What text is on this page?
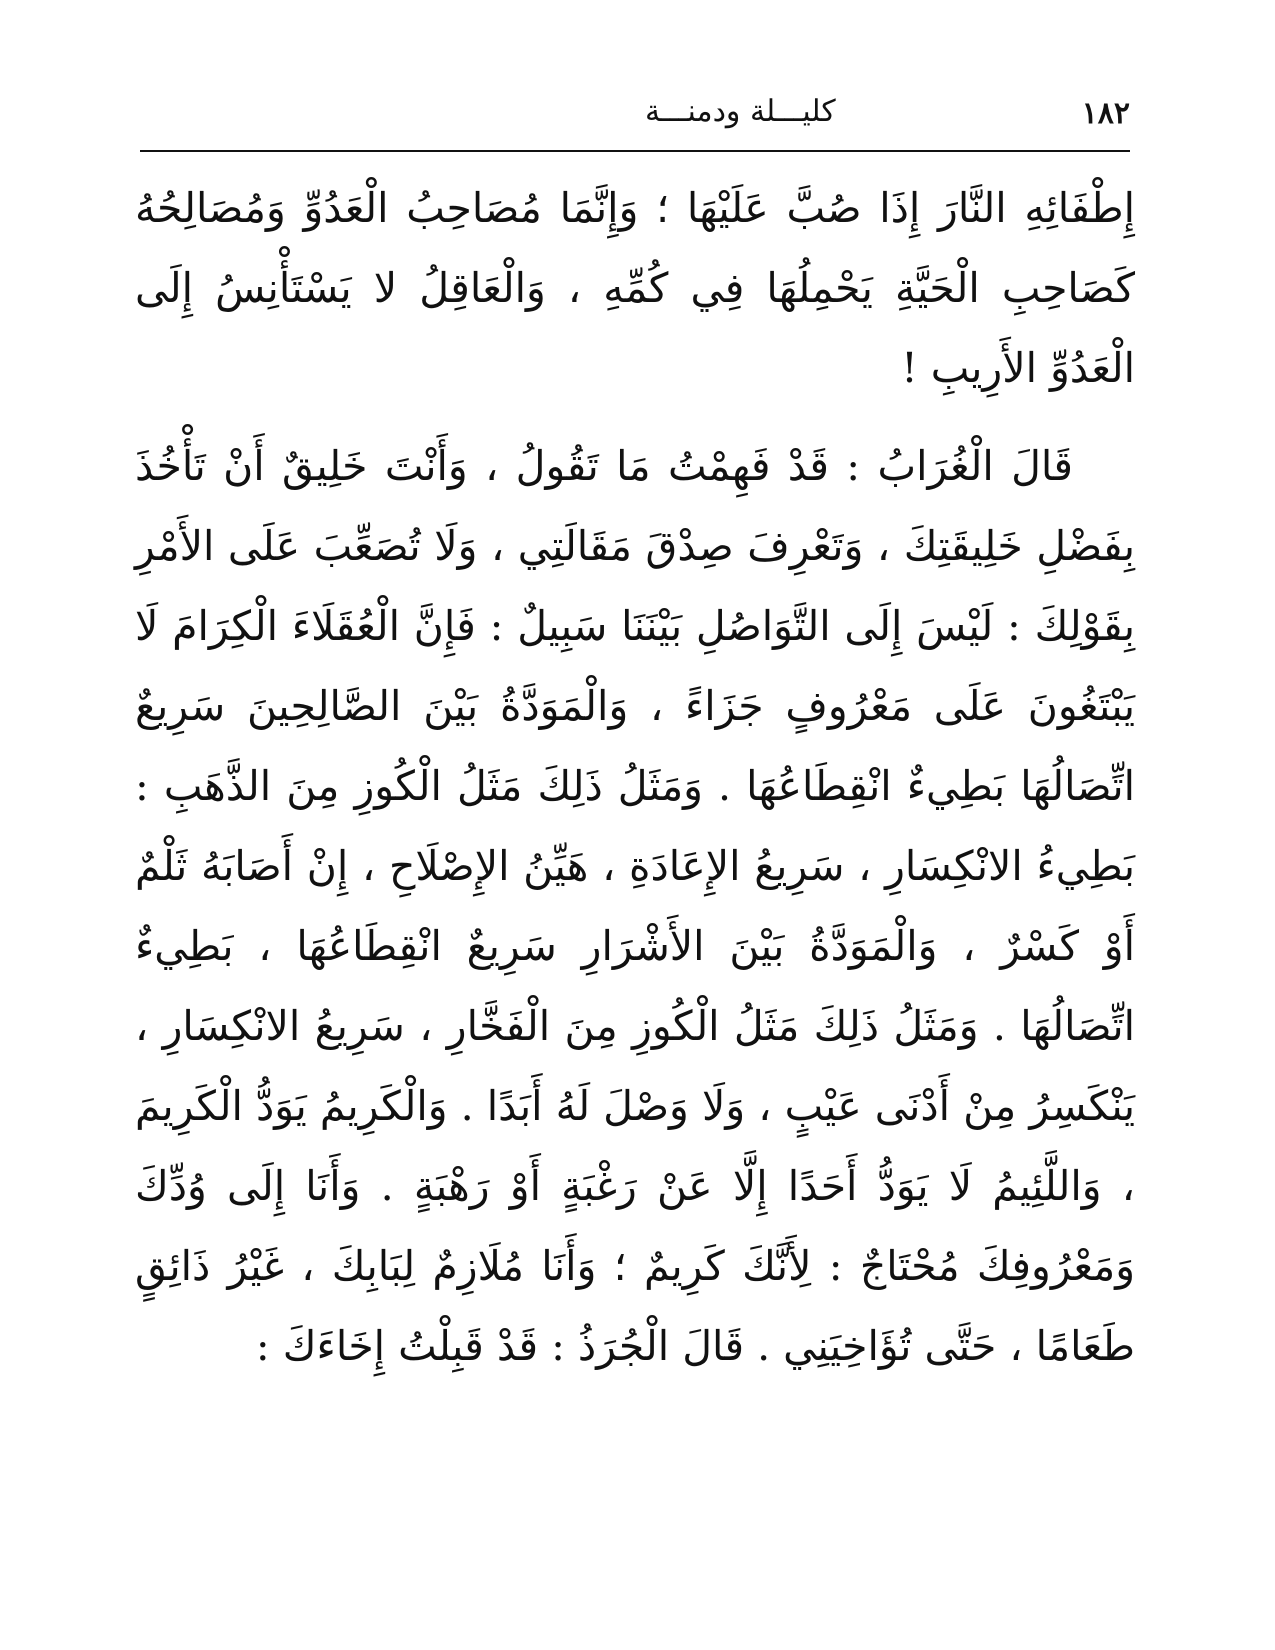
١٨٢
كليـــلة ودمنـــة

إِطْفَائِهِ النَّارَ إِذَا صُبَّ عَلَيْهَا ؛ وَإِنَّمَا مُصَاحِبُ الْعَدُوِّ وَمُصَالِحُهُ كَصَاحِبِ الْحَيَّةِ يَحْمِلُهَا فِي كُمِّهِ ، وَالْعَاقِلُ لا يَسْتَأْنِسُ إِلَى الْعَدُوِّ الأَرِيبِ !

قَالَ الْغُرَابُ : قَدْ فَهِمْتُ مَا تَقُولُ ، وَأَنْتَ خَلِيقٌ أَنْ تَأْخُذَ بِفَضْلِ خَلِيقَتِكَ ، وَتَعْرِفَ صِدْقَ مَقَالَتِي ، وَلَا تُصَعِّبَ عَلَى الأَمْرِ بِقَوْلِكَ : لَيْسَ إِلَى التَّوَاصُلِ بَيْنَنَا سَبِيلٌ : فَإِنَّ الْعُقَلَاءَ الْكِرَامَ لَا يَبْتَغُونَ عَلَى مَعْرُوفٍ جَزَاءً ، وَالْمَوَدَّةُ بَيْنَ الصَّالِحِينَ سَرِيعٌ اتِّصَالُهَا بَطِيءٌ انْقِطَاعُهَا . وَمَثَلُ ذَلِكَ مَثَلُ الْكُوزِ مِنَ الذَّهَبِ : بَطِيءُ الانْكِسَارِ ، سَرِيعُ الإِعَادَةِ ، هَيِّنُ الإِصْلَاحِ ، إِنْ أَصَابَهُ ثَلْمٌ أَوْ كَسْرٌ ، وَالْمَوَدَّةُ بَيْنَ الأَشْرَارِ سَرِيعٌ انْقِطَاعُهَا ، بَطِيءٌ اتِّصَالُهَا . وَمَثَلُ ذَلِكَ مَثَلُ الْكُوزِ مِنَ الْفَخَّارِ ، سَرِيعُ الانْكِسَارِ ، يَنْكَسِرُ مِنْ أَدْنَى عَيْبٍ ، وَلَا وَصْلَ لَهُ أَبَدًا . وَالْكَرِيمُ يَوَدُّ الْكَرِيمَ ، وَاللَّئِيمُ لَا يَوَدُّ أَحَدًا إِلَّا عَنْ رَغْبَةٍ أَوْ رَهْبَةٍ . وَأَنَا إِلَى وُدِّكَ وَمَعْرُوفِكَ مُحْتَاجٌ : لِأَنَّكَ كَرِيمٌ ؛ وَأَنَا مُلَازِمٌ لِبَابِكَ ، غَيْرُ ذَائِقٍ طَعَامًا ، حَتَّى تُؤَاخِيَنِي . قَالَ الْجُرَذُ : قَدْ قَبِلْتُ إِخَاءَكَ :
